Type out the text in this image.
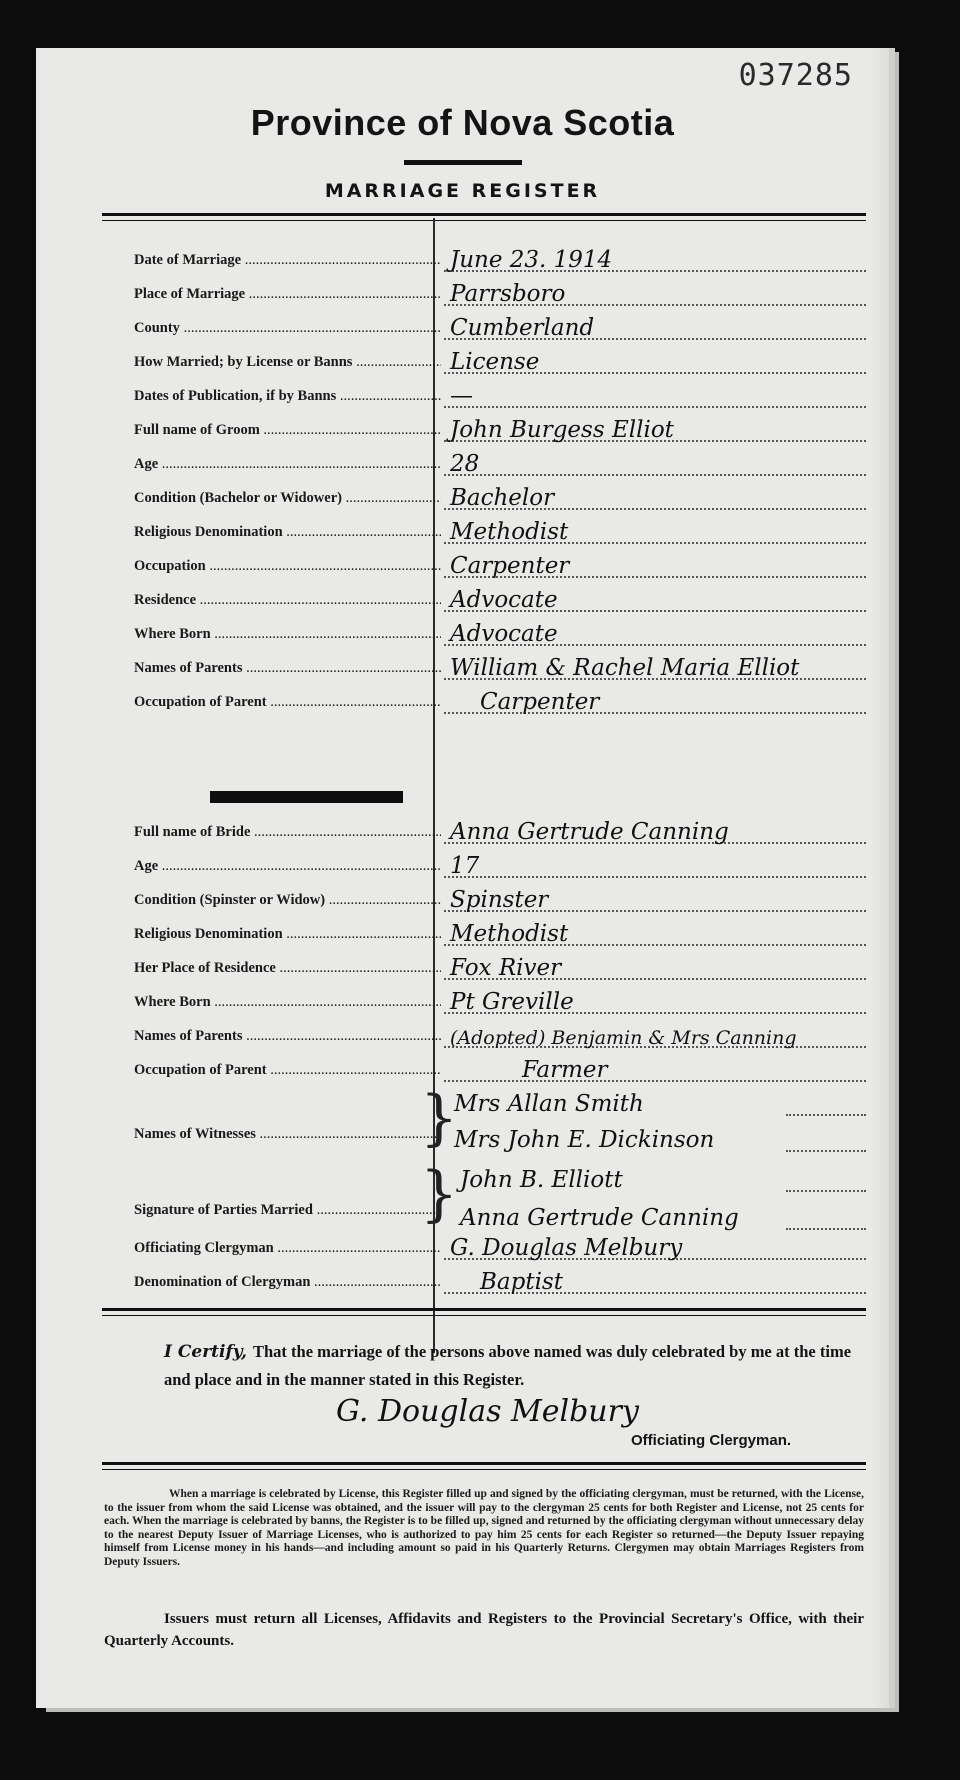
037285
Province of Nova Scotia
MARRIAGE REGISTER
Date of Marriage .....	June 23. 1914
Place of Marriage .....	Parrsboro
County .....	Cumberland
How Married; by License or Banns .....	License
Dates of Publication, if by Banns .....	—
Full name of Groom .....	John Burgess Elliot
Age .....	28
Condition (Bachelor or Widower) .....	Bachelor
Religious Denomination .....	Methodist
Occupation .....	Carpenter
Residence .....	Advocate
Where Born .....	Advocate
Names of Parents .....	William & Rachel Maria Elliot
Occupation of Parent .....	Carpenter
Full name of Bride .....	Anna Gertrude Canning
Age .....	17
Condition (Spinster or Widow) .....	Spinster
Religious Denomination .....	Methodist
Her Place of Residence .....	Fox River
Where Born .....	Pt Greville
Names of Parents .....	(Adopted) Benjamin & Mrs Canning
Occupation of Parent .....	Farmer
Names of Witnesses .....	}
Mrs Allan Smith
Mrs John E. Dickinson
Signature of Parties Married .....	} John B. Elliott
Anna Gertrude Canning
Officiating Clergyman .....	G. Douglas Melbury
Denomination of Clergyman .....	Baptist
I Certify, That the marriage of the persons above named was duly celebrated by me at the time and place and in the manner stated in this Register.
G. Douglas Melbury
Officiating Clergyman.
When a marriage is celebrated by License, this Register filled up and signed by the officiating clergyman, must be returned, with the License, to the issuer from whom the said License was obtained, and the issuer will pay to the clergyman 25 cents for both Register and License, not 25 cents for each. When the marriage is celebrated by banns, the Register is to be filled up, signed and returned by the officiating clergyman without unnecessary delay to the nearest Deputy Issuer of Marriage Licenses, who is authorized to pay him 25 cents for each Register so returned—the Deputy Issuer repaying himself from License money in his hands—and including amount so paid in his Quarterly Returns. Clergymen may obtain Marriages Registers from Deputy Issuers.
Issuers must return all Licenses, Affidavits and Registers to the Provincial Secretary's Office, with their Quarterly Accounts.
